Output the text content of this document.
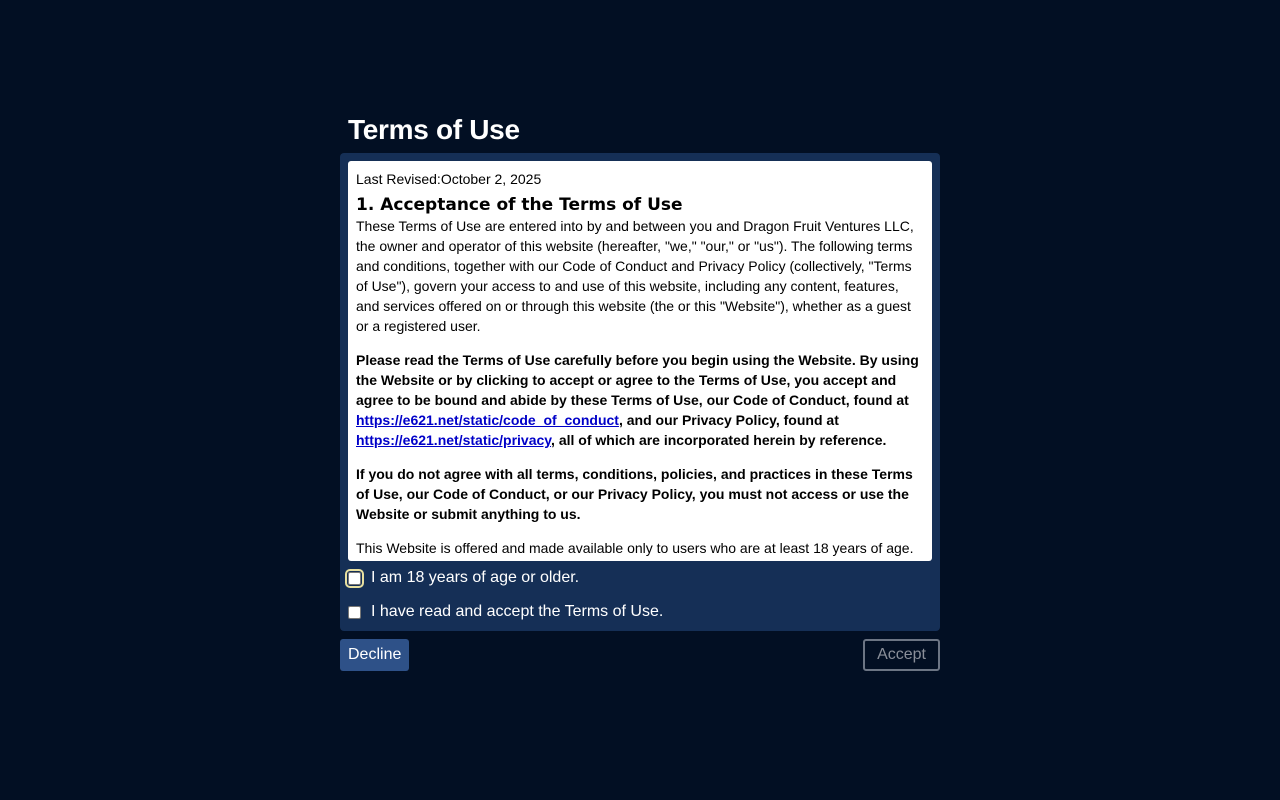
Terms of Use

Last Revised:October 2, 2025

1. Acceptance of the Terms of Use

These Terms of Use are entered into by and between you and Dragon Fruit Ventures LLC, the owner and operator of this website (hereafter, "we," "our," or "us"). The following terms and conditions, together with our Code of Conduct and Privacy Policy (collectively, "Terms of Use"), govern your access to and use of this website, including any content, features, and services offered on or through this website (the or this "Website"), whether as a guest or a registered user.

Please read the Terms of Use carefully before you begin using the Website. By using the Website or by clicking to accept or agree to the Terms of Use, you accept and agree to be bound and abide by these Terms of Use, our Code of Conduct, found at https://e621.net/static/code_of_conduct, and our Privacy Policy, found at https://e621.net/static/privacy, all of which are incorporated herein by reference.

If you do not agree with all terms, conditions, policies, and practices in these Terms of Use, our Code of Conduct, or our Privacy Policy, you must not access or use the Website or submit anything to us.

This Website is offered and made available only to users who are at least 18 years of age.

I am 18 years of age or older.
I have read and accept the Terms of Use.
Decline	Accept
